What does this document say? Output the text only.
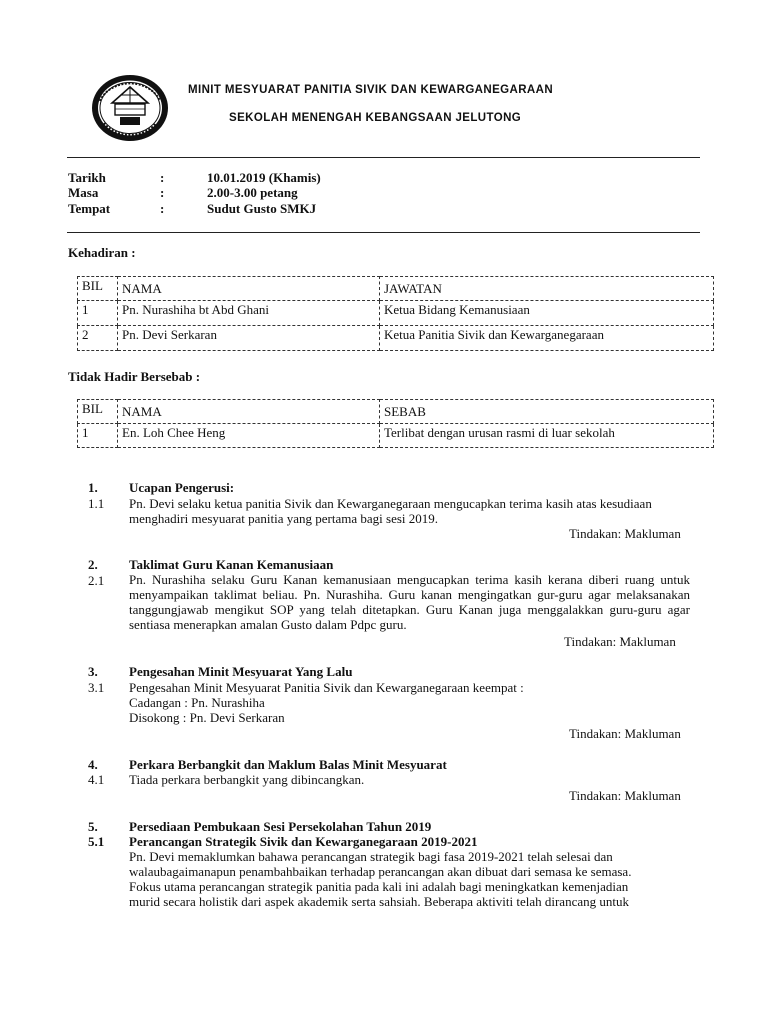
MINIT MESYUARAT PANITIA SIVIK DAN KEWARGANEGARAAN
SEKOLAH MENENGAH KEBANGSAAN JELUTONG
Tarikh	:	10.01.2019 (Khamis)
Masa	:	2.00-3.00 petang
Tempat	:	Sudut Gusto SMKJ
Kehadiran :
BIL	NAMA	JAWATAN
1	Pn. Nurashiha bt Abd Ghani	Ketua Bidang Kemanusiaan
2	Pn. Devi Serkaran	Ketua Panitia Sivik dan Kewarganegaraan
Tidak Hadir Bersebab :
BIL	NAMA	SEBAB
1	En. Loh Chee Heng	Terlibat dengan urusan rasmi di luar sekolah
1. Ucapan Pengerusi:
1.1 Pn. Devi selaku ketua panitia Sivik dan Kewarganegaraan mengucapkan terima kasih atas kesudiaan
menghadiri mesyuarat panitia yang pertama bagi sesi 2019.
Tindakan: Makluman
2. Taklimat Guru Kanan Kemanusiaan
2.1 Pn. Nurashiha selaku Guru Kanan kemanusiaan mengucapkan terima kasih kerana diberi ruang untuk menyampaikan taklimat beliau. Pn. Nurashiha. Guru kanan mengingatkan gur-guru agar melaksanakan tanggungjawab mengikut SOP yang telah ditetapkan. Guru Kanan juga menggalakkan guru-guru agar sentiasa menerapkan amalan Gusto dalam Pdpc guru.
Tindakan: Makluman
3. Pengesahan Minit Mesyuarat Yang Lalu
3.1 Pengesahan Minit Mesyuarat Panitia Sivik dan Kewarganegaraan keempat :
Cadangan : Pn. Nurashiha
Disokong : Pn. Devi Serkaran
Tindakan: Makluman
4. Perkara Berbangkit dan Maklum Balas Minit Mesyuarat
4.1 Tiada perkara berbangkit yang dibincangkan.
Tindakan: Makluman
5. Persediaan Pembukaan Sesi Persekolahan Tahun 2019
5.1 Perancangan Strategik Sivik dan Kewarganegaraan 2019-2021
Pn. Devi memaklumkan bahawa perancangan strategik bagi fasa 2019-2021 telah selesai dan
walaubagaimanapun penambahbaikan terhadap perancangan akan dibuat dari semasa ke semasa.
Fokus utama perancangan strategik panitia pada kali ini adalah bagi meningkatkan kemenjadian
murid secara holistik dari aspek akademik serta sahsiah. Beberapa aktiviti telah dirancang untuk
